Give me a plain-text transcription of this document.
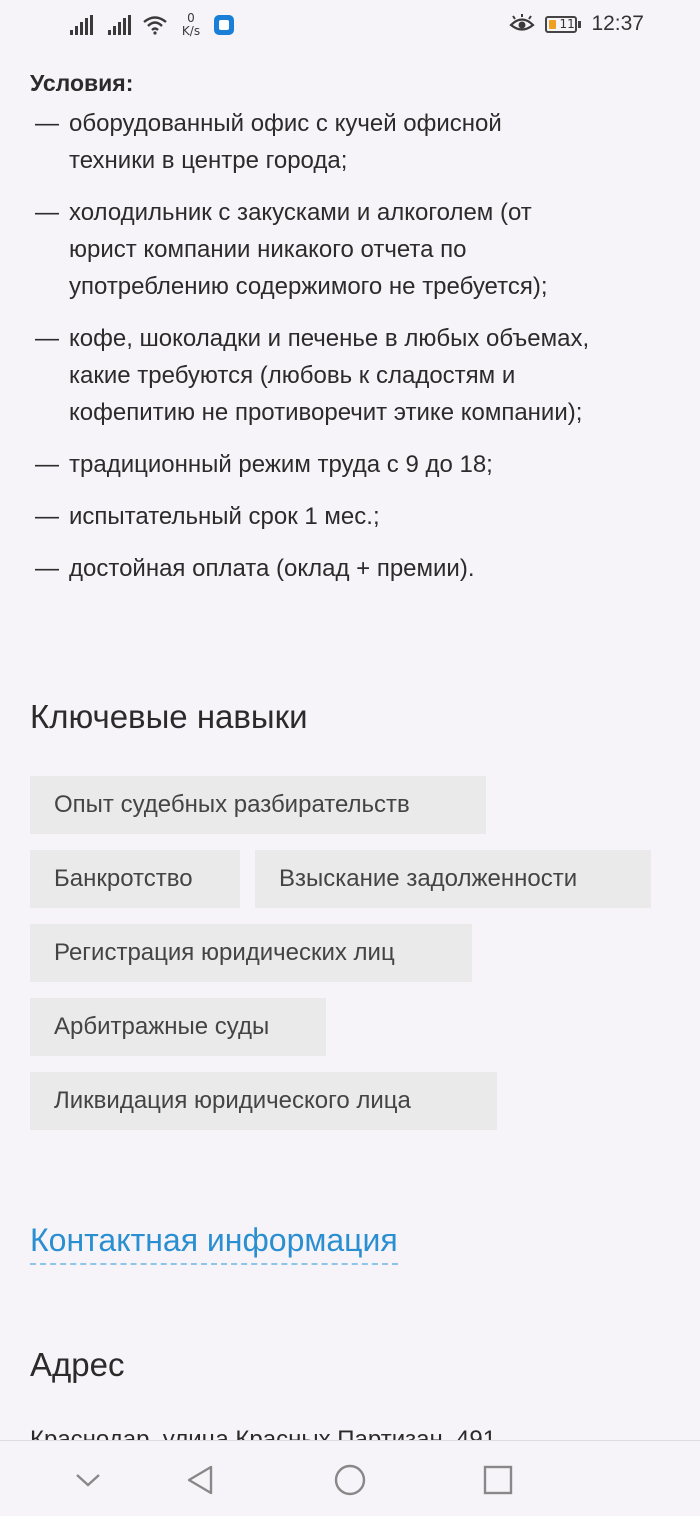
0
K/s
11 12:37
Условия:
— оборудованный офис с кучей офисной
техники в центре города;
— холодильник с закусками и алкоголем (от
юрист компании никакого отчета по
употреблению содержимого не требуется);
— кофе, шоколадки и печенье в любых объемах,
какие требуются (любовь к сладостям и
кофепитию не противоречит этике компании);
— традиционный режим труда с 9 до 18;
— испытательный срок 1 мес.;
— достойная оплата (оклад + премии).
Ключевые навыки
Опыт судебных разбирательств
Банкротство	Взыскание задолженности
Регистрация юридических лиц
Арбитражные суды
Ликвидация юридического лица
Контактная информация
Адрес
